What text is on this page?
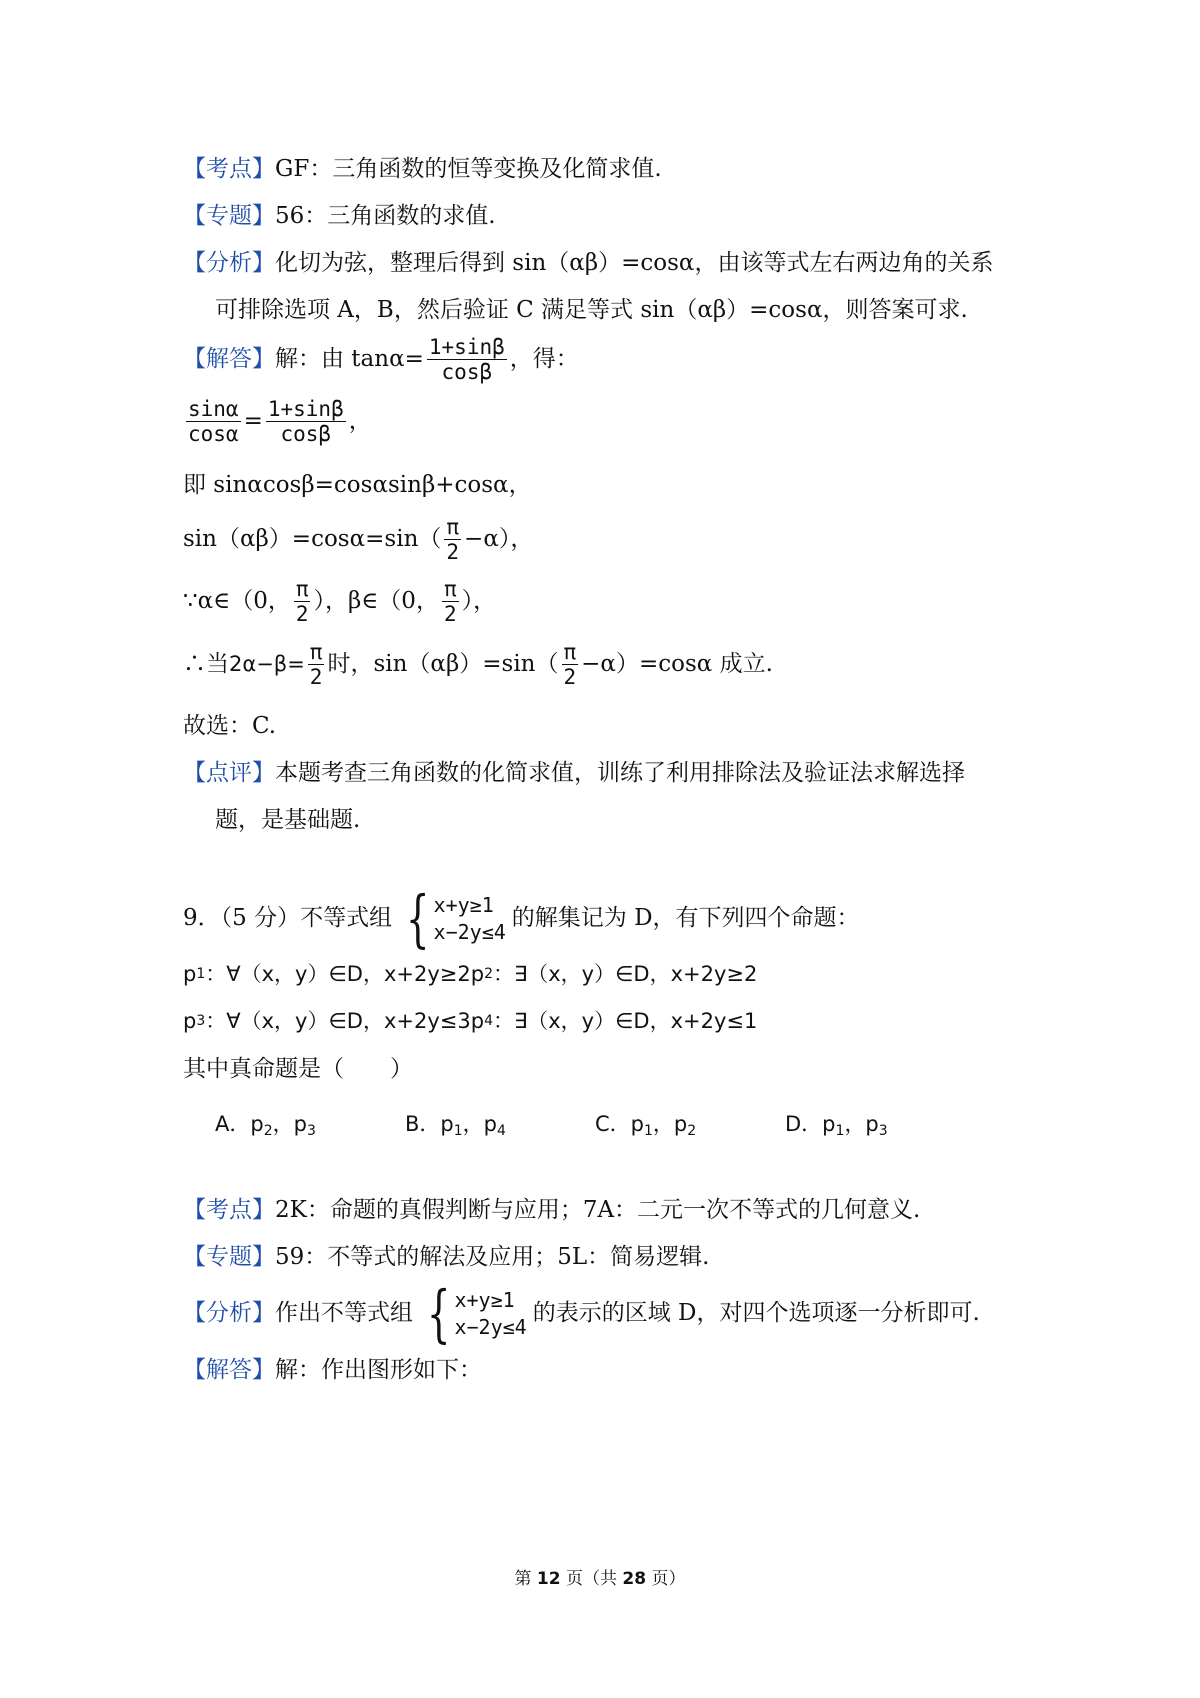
【考点】 GF：三角函数的恒等变换及化简求值.
【专题】 56：三角函数的求值.
【分析】 化切为弦，整理后得到 sin（α﻿β）=cosα，由该等式左右两边角的关系
可排除选项 A，B，然后验证 C 满足等式 sin（α﻿β）=cosα，则答案可求.
【解答】 解：由 $\tan\alpha= \frac{1+\sin\beta}{\cos\beta}$ ，得：
$\frac{\sin\alpha}{\cos\alpha} = \frac{1+\sin\beta}{\cos\beta}$ ，
即 sinαcosβ=cosαsinβ+cosα，
sin（α﻿β）=cosα=sin（ $\frac{\pi}{2} -\alpha$），
∵α∈（0， $\frac{\pi}{2}$ ），β∈（0， $\frac{\pi}{2}$ ），
∴当 $2\alpha-\beta= \frac{\pi}{2}$ 时，sin（α﻿β）=sin（ $\frac{\pi}{2} -\alpha)=\cos\alpha$ 成立.
故选：C.
【点评】 本题考查三角函数的化简求值，训练了利用排除法及验证法求解选择
题，是基础题.
9．（5 分）不等式组 { x+y≥1
x−2y≤4
的解集记为 D，有下列四个命题：
p 1 ：∀（x，y）∈D，x+2y≥﻿2 p 2 ：∃（x，y）∈D，x+2y≥2
p 3 ：∀（x，y）∈D，x+2y≤3 p 4 ：∃（x，y）∈D，x+2y≤﻿1
其中真命题是（　　）
A．$p_2$，$p_3$	B．$p_1$，$p_4$	C．$p_1$，$p_2$	D．$p_1$，$p_3$
【考点】 2K：命题的真假判断与应用；7A：二元一次不等式的几何意义.
【专题】 59：不等式的解法及应用；5L：简易逻辑.
【分析】 作出不等式组 { x+y≥1
x−2y≤4
的表示的区域 D，对四个选项逐一分析即可.
【解答】 解：作出图形如下：
第 12 页（共 28 页）
